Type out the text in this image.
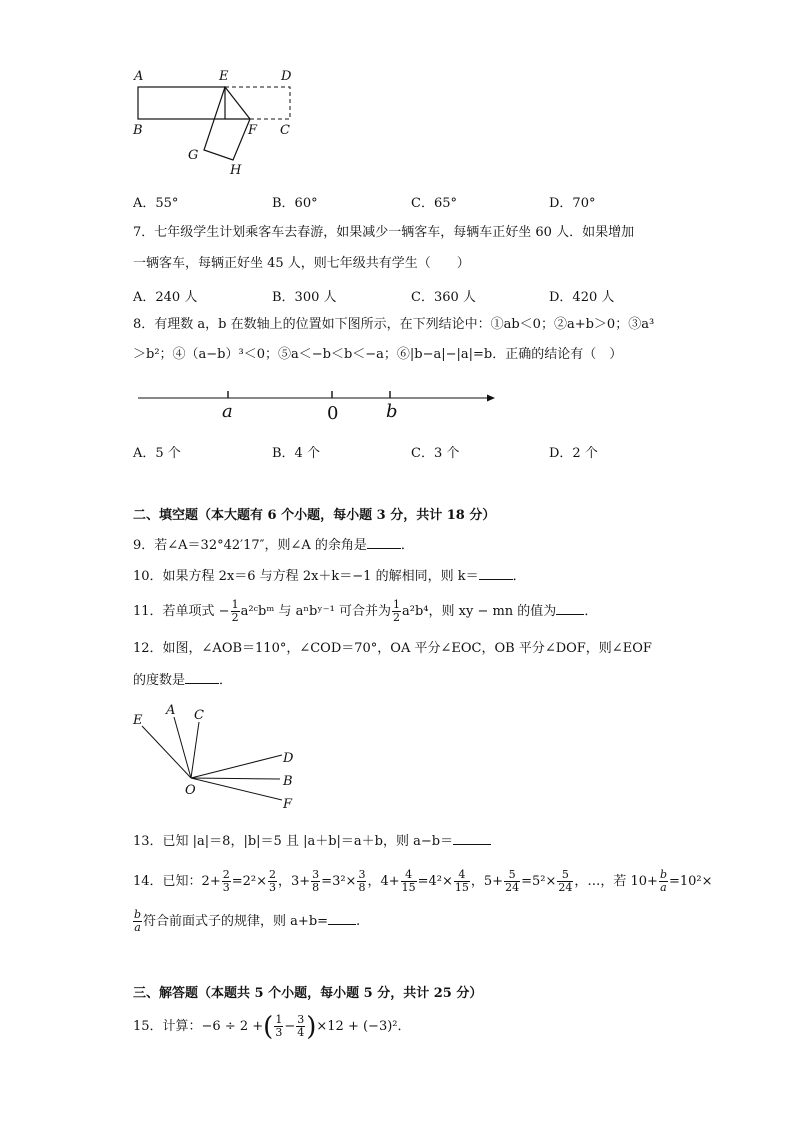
A	E	D
B	F C
G
H
A．55°	B．60°	C．65°	D．70°
7．七年级学生计划乘客车去春游，如果减少一辆客车，每辆车正好坐 60 人．如果增加
一辆客车，每辆正好坐 45 人，则七年级共有学生（　　）
A．240 人	B．300 人	C．360 人	D．420 人
8．有理数 a，b 在数轴上的位置如下图所示，在下列结论中：①ab＜0；②a+b＞0；③a³
＞b²；④（a−b）³＜0；⑤a＜−b＜b＜−a；⑥|b−a|−|a|=b．正确的结论有（　）
a	0	b
A．5 个	B．4 个	C．3 个	D．2 个
二、填空题（本大题有 6 个小题，每小题 3 分，共计 18 分）
9．若∠A＝32°42′17″，则∠A 的余角是	．
10．如果方程 2x＝6 与方程 2x＋k＝−1 的解相同，则 k＝	．
11．若单项式 − $\frac{1}{2}$ a²ᶜbᵐ 与 aⁿbʸ⁻¹ 可合并为 $\frac{1}{2} a^2b^4$，则 xy − mn 的值为 ．
12．如图，∠AOB＝110°，∠COD＝70°，OA 平分∠EOC，OB 平分∠DOF，则∠EOF
的度数是	．
E
A C
D
B
F
O
13．已知 |a|＝8，|b|＝5 且 |a＋b|＝a＋b，则 a−b＝
14．已知：$2+ \frac{2}{3} =2^2\times \frac{2}{3}$ ，$3+ \frac{3}{8} =3^2\times \frac{3}{8}$ ，$4+ \frac{4}{15} =4^2\times \frac{4}{15}$ ，$5+ \frac{5}{24} =5^2\times \frac{5}{24}$ ，…，若 $10+ \frac{b}{a} =10^2\times$
$\frac{b}{a}$ 符合前面式子的规律，则 a+b= .
三、解答题（本题共 5 个小题，每小题 5 分，共计 25 分）
15．计算：−6 ÷ 2 +( $\frac{1}{3} - \frac{3}{4} )\times 12 + (-3)^2$．
